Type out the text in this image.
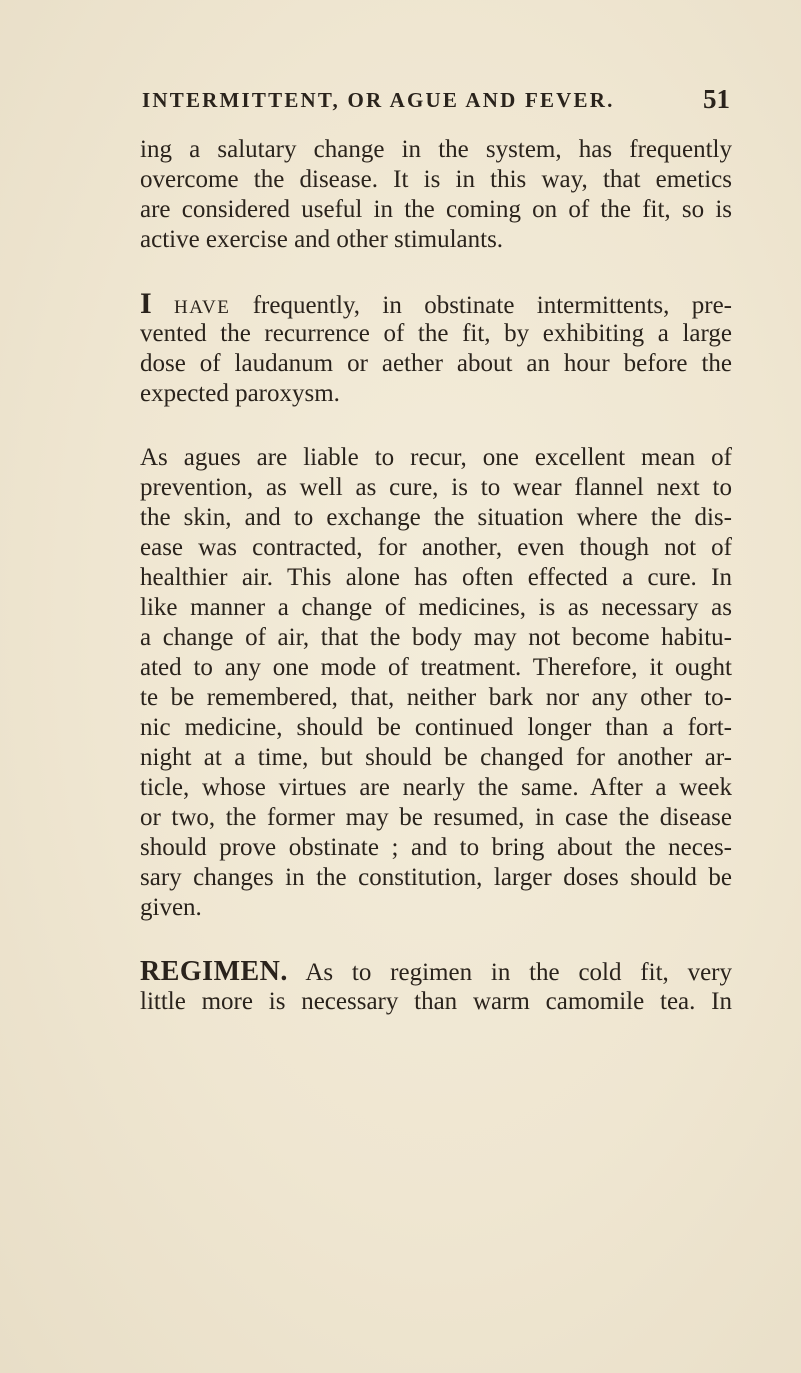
INTERMITTENT, OR AGUE AND FEVER.	51
ing a salutary change in the system, has frequently
overcome the disease. It is in this way, that emetics
are considered useful in the coming on of the fit, so is
active exercise and other stimulants.
I HAVE frequently, in obstinate intermittents, pre-
vented the recurrence of the fit, by exhibiting a large
dose of laudanum or aether about an hour before the
expected paroxysm.
As agues are liable to recur, one excellent mean of
prevention, as well as cure, is to wear flannel next to
the skin, and to exchange the situation where the dis-
ease was contracted, for another, even though not of
healthier air. This alone has often effected a cure. In
like manner a change of medicines, is as necessary as
a change of air, that the body may not become habitu-
ated to any one mode of treatment. Therefore, it ought
te be remembered, that, neither bark nor any other to-
nic medicine, should be continued longer than a fort-
night at a time, but should be changed for another ar-
ticle, whose virtues are nearly the same. After a week
or two, the former may be resumed, in case the disease
should prove obstinate ; and to bring about the neces-
sary changes in the constitution, larger doses should be
given.
REGIMEN. As to regimen in the cold fit, very
little more is necessary than warm camomile tea. In
